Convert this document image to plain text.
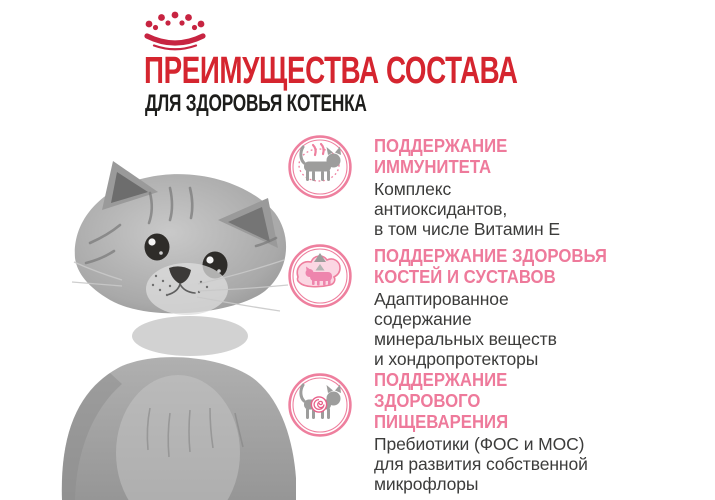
ПРЕИМУЩЕСТВА СОСТАВА
ДЛЯ ЗДОРОВЬЯ КОТЕНКА
ПОДДЕРЖАНИЕ
ИММУНИТЕТА

Комплекс
антиоксидантов,
в том числе Витамин Е

ПОДДЕРЖАНИЕ ЗДОРОВЬЯ
КОСТЕЙ И СУСТАВОВ

Адаптированное
содержание
минеральных веществ
и хондропротекторы

ПОДДЕРЖАНИЕ
ЗДОРОВОГО
ПИЩЕВАРЕНИЯ

Пребиотики (ФОС и МОС)
для развития собственной
микрофлоры
